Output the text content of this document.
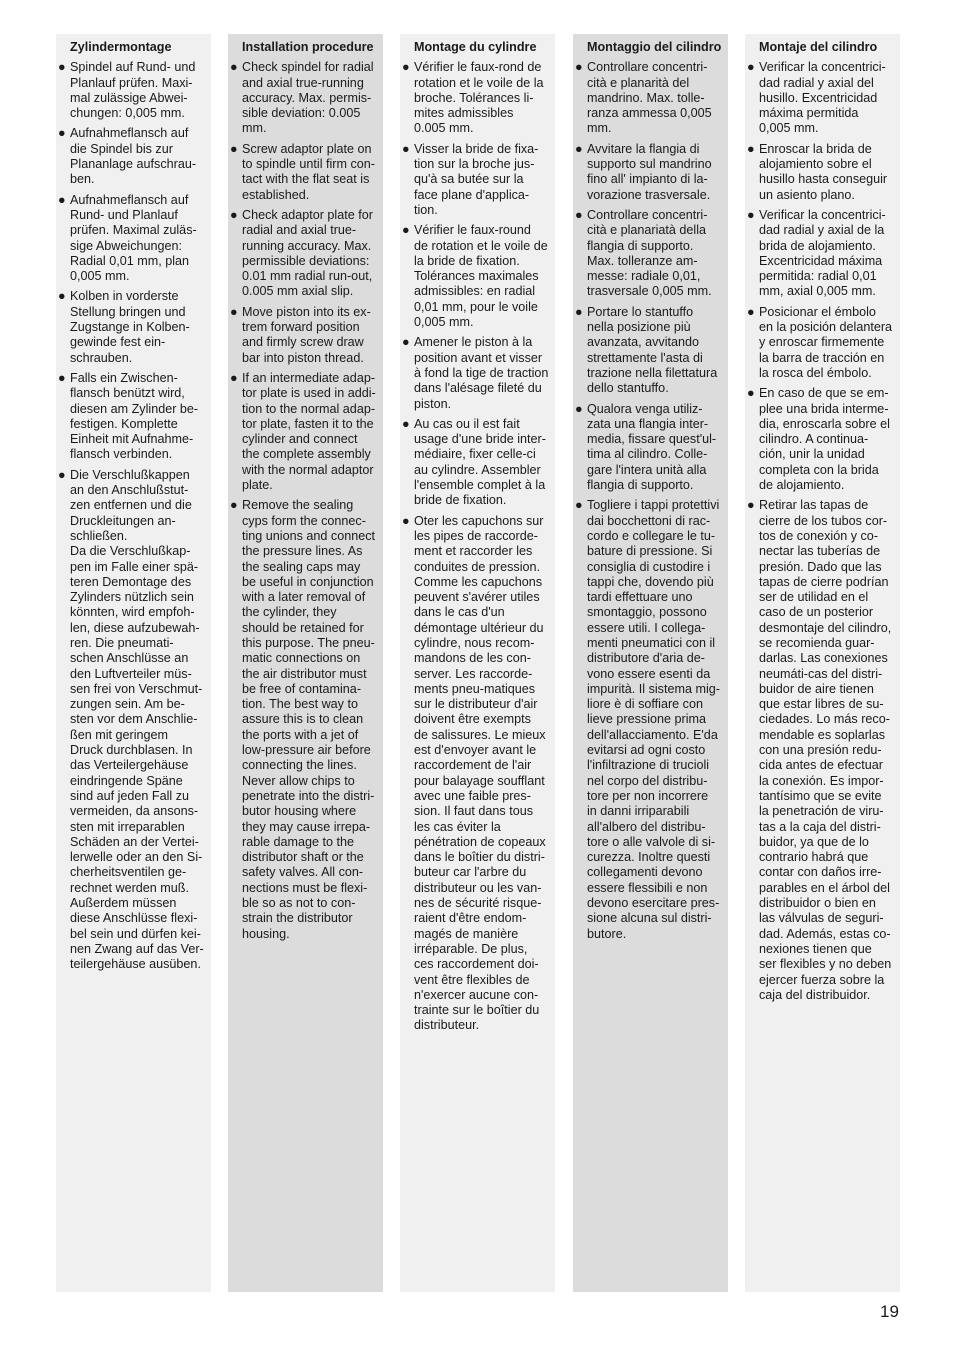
Zylindermontage
● Spindel auf Rund- und
Planlauf prüfen. Maxi-
mal zulässige Abwei-
chungen: 0,005 mm.
● Aufnahmeflansch auf
die Spindel bis zur
Plananlage aufschrau-
ben.
● Aufnahmeflansch auf
Rund- und Planlauf
prüfen. Maximal zuläs-
sige Abweichungen:
Radial 0,01 mm, plan
0,005 mm.
● Kolben in vorderste
Stellung bringen und
Zugstange in Kolben-
gewinde fest ein-
schrauben.
● Falls ein Zwischen-
flansch benützt wird,
diesen am Zylinder be-
festigen. Komplette
Einheit mit Aufnahme-
flansch verbinden.
● Die Verschlußkappen
an den Anschlußstut-
zen entfernen und die
Druckleitungen an-
schließen.
Da die Verschlußkap-
pen im Falle einer spä-
teren Demontage des
Zylinders nützlich sein
könnten, wird empfoh-
len, diese aufzubewah-
ren. Die pneumati-
schen Anschlüsse an
den Luftverteiler müs-
sen frei von Verschmut-
zungen sein. Am be-
sten vor dem Anschlie-
ßen mit geringem
Druck durchblasen. In
das Verteilergehäuse
eindringende Späne
sind auf jeden Fall zu
vermeiden, da ansons-
sten mit irreparablen
Schäden an der Vertei-
lerwelle oder an den Si-
cherheitsventilen ge-
rechnet werden muß.
Außerdem müssen
diese Anschlüsse flexi-
bel sein und dürfen kei-
nen Zwang auf das Ver-
teilergehäuse ausüben.
Installation procedure
● Check spindel for radial
and axial true-running
accuracy. Max. permis-
sible deviation: 0.005
mm.
● Screw adaptor plate on
to spindle until firm con-
tact with the flat seat is
established.
● Check adaptor plate for
radial and axial true-
running accuracy. Max.
permissible deviations:
0.01 mm radial run-out,
0.005 mm axial slip.
● Move piston into its ex-
trem forward position
and firmly screw draw
bar into piston thread.
● If an intermediate adap-
tor plate is used in addi-
tion to the normal adap-
tor plate, fasten it to the
cylinder and connect
the complete assembly
with the normal adaptor
plate.
● Remove the sealing
cyps form the connec-
ting unions and connect
the pressure lines. As
the sealing caps may
be useful in conjunction
with a later removal of
the cylinder, they
should be retained for
this purpose. The pneu-
matic connections on
the air distributor must
be free of contamina-
tion. The best way to
assure this is to clean
the ports with a jet of
low-pressure air before
connecting the lines.
Never allow chips to
penetrate into the distri-
butor housing where
they may cause irrepa-
rable damage to the
distributor shaft or the
safety valves. All con-
nections must be flexi-
ble so as not to con-
strain the distributor
housing.
Montage du cylindre
● Vérifier le faux-rond de
rotation et le voile de la
broche. Tolérances li-
mites admissibles
0.005 mm.
● Visser la bride de fixa-
tion sur la broche jus-
qu'à sa butée sur la
face plane d'applica-
tion.
● Vérifier le faux-round
de rotation et le voile de
la bride de fixation.
Tolérances maximales
admissibles: en radial
0,01 mm, pour le voile
0,005 mm.
● Amener le piston à la
position avant et visser
à fond la tige de traction
dans l'alésage fileté du
piston.
● Au cas ou il est fait
usage d'une bride inter-
médiaire, fixer celle-ci
au cylindre. Assembler
l'ensemble complet à la
bride de fixation.
● Oter les capuchons sur
les pipes de raccorde-
ment et raccorder les
conduites de pression.
Comme les capuchons
peuvent s'avérer utiles
dans le cas d'un
démontage ultérieur du
cylindre, nous recom-
mandons de les con-
server. Les raccorde-
ments pneu-matiques
sur le distributeur d'air
doivent être exempts
de salissures. Le mieux
est d'envoyer avant le
raccordement de l'air
pour balayage soufflant
avec une faible pres-
sion. Il faut dans tous
les cas éviter la
pénétration de copeaux
dans le boîtier du distri-
buteur car l'arbre du
distributeur ou les van-
nes de sécurité risque-
raient d'être endom-
magés de manière
irréparable. De plus,
ces raccordement doi-
vent être flexibles de
n'exercer aucune con-
trainte sur le boîtier du
distributeur.
Montaggio del cilindro
● Controllare concentri-
cità e planarità del
mandrino. Max. tolle-
ranza ammessa 0,005
mm.
● Avvitare la flangia di
supporto sul mandrino
fino all' impianto di la-
vorazione trasversale.
● Controllare concentri-
cità e planariatà della
flangia di supporto.
Max. tolleranze am-
messe: radiale 0,01,
trasversale 0,005 mm.
● Portare lo stantuffo
nella posizione più
avanzata, avvitando
strettamente l'asta di
trazione nella filettatura
dello stantuffo.
● Qualora venga utiliz-
zata una flangia inter-
media, fissare quest'ul-
tima al cilindro. Colle-
gare l'intera unità alla
flangia di supporto.
● Togliere i tappi protettivi
dai bocchettoni di rac-
cordo e collegare le tu-
bature di pressione. Si
consiglia di custodire i
tappi che, dovendo più
tardi effettuare uno
smontaggio, possono
essere utili. I collega-
menti pneumatici con il
distributore d'aria de-
vono essere esenti da
impurità. Il sistema mig-
liore è di soffiare con
lieve pressione prima
dell'allacciamento. E'da
evitarsi ad ogni costo
l'infiltrazione di trucioli
nel corpo del distribu-
tore per non incorrere
in danni irriparabili
all'albero del distribu-
tore o alle valvole di si-
curezza. Inoltre questi
collegamenti devono
essere flessibili e non
devono esercitare pres-
sione alcuna sul distri-
butore.
Montaje del cilindro
● Verificar la concentrici-
dad radial y axial del
husillo. Excentricidad
máxima permitida
0,005 mm.
● Enroscar la brida de
alojamiento sobre el
husillo hasta conseguir
un asiento plano.
● Verificar la concentrici-
dad radial y axial de la
brida de alojamiento.
Excentricidad máxima
permitida: radial 0,01
mm, axial 0,005 mm.
● Posicionar el émbolo
en la posición delantera
y enroscar firmemente
la barra de tracción en
la rosca del émbolo.
● En caso de que se em-
plee una brida interme-
dia, enroscarla sobre el
cilindro. A continua-
ción, unir la unidad
completa con la brida
de alojamiento.
● Retirar las tapas de
cierre de los tubos cor-
tos de conexión y co-
nectar las tuberías de
presión. Dado que las
tapas de cierre podrían
ser de utilidad en el
caso de un posterior
desmontaje del cilindro,
se recomienda guar-
darlas. Las conexiones
neumáti-cas del distri-
buidor de aire tienen
que estar libres de su-
ciedades. Lo más reco-
mendable es soplarlas
con una presión redu-
cida antes de efectuar
la conexión. Es impor-
tantísimo que se evite
la penetración de viru-
tas a la caja del distri-
buidor, ya que de lo
contrario habrá que
contar con daños irre-
parables en el árbol del
distribuidor o bien en
las válvulas de seguri-
dad. Además, estas co-
nexiones tienen que
ser flexibles y no deben
ejercer fuerza sobre la
caja del distribuidor.
19
